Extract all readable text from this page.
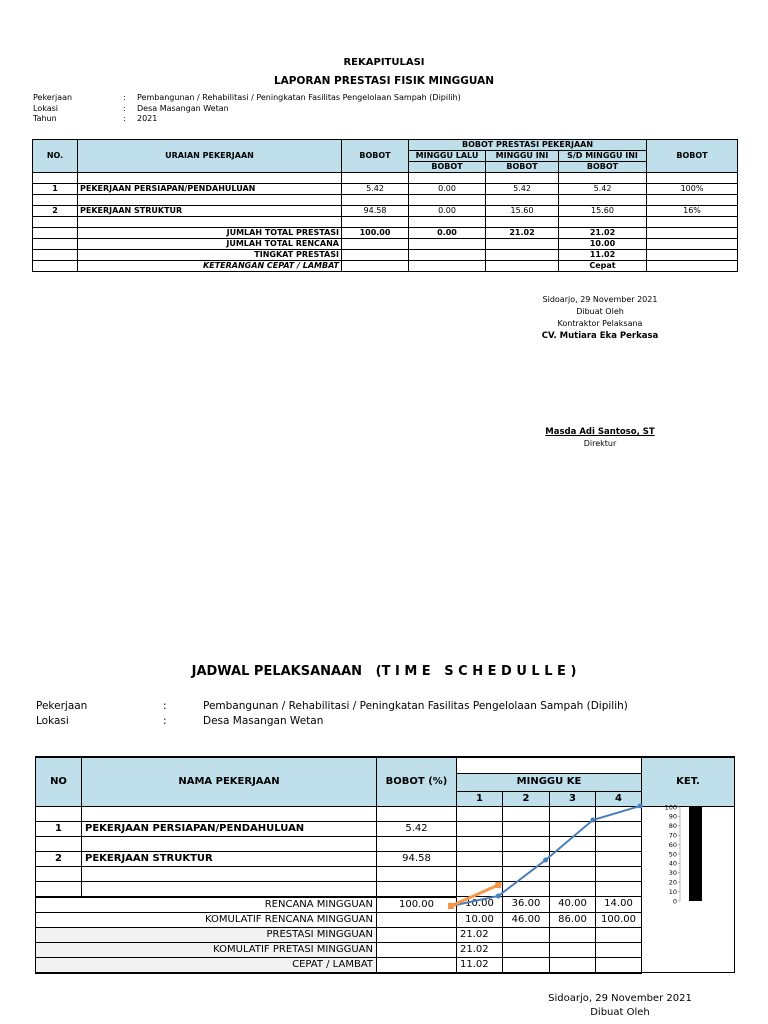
REKAPITULASI
LAPORAN PRESTASI FISIK MINGGUAN
Pekerjaan	:	Pembangunan / Rehabilitasi / Peningkatan Fasilitas Pengelolaan Sampah (Dipilih)
Lokasi	:	Desa Masangan Wetan
Tahun	:	2021
NO.	URAIAN PEKERJAAN	BOBOT	BOBOT PRESTASI PEKERJAAN			BOBOT
			MINGGU LALU	MINGGU INI	S/D MINGGU INI	
			BOBOT	BOBOT	BOBOT	

1	PEKERJAAN PERSIAPAN/PENDAHULUAN	5.42	0.00	5.42	5.42	100%

2	PEKERJAAN STRUKTUR	94.58	0.00	15.60	15.60	16%

	JUMLAH TOTAL PRESTASI	100.00	0.00	21.02	21.02	
	JUMLAH TOTAL RENCANA				10.00	
	TINGKAT PRESTASI				11.02	
	KETERANGAN CEPAT / LAMBAT				Cepat	
Sidoarjo, 29 November 2021
Dibuat Oleh
Kontraktor Pelaksana
CV. Mutiara Eka Perkasa
Masda Adi Santoso, ST
Direktur
JADWAL PELAKSANAAN   (T I M E   S C H E D U L L E )
Pekerjaan	:	Pembangunan / Rehabilitasi / Peningkatan Fasilitas Pengelolaan Sampah (Dipilih)
Lokasi	:	Desa Masangan Wetan
NO	NAMA PEKERJAAN	BOBOT (%)					KET.
			MINGGU KE				
			1	2	3	4	

1	PEKERJAAN PERSIAPAN/PENDAHULUAN	5.42					

2	PEKERJAAN STRUKTUR	94.58					

RENCANA MINGGUAN		100.00	10.00	36.00	40.00	14.00	
KOMULATIF RENCANA MINGGUAN			10.00	46.00	86.00	100.00	
PRESTASI MINGGUAN			21.02				
KOMULATIF PRETASI MINGGUAN			21.02				
CEPAT / LAMBAT			11.02				
0
10
20
30
40
50
60
70
80
90
100
Sidoarjo, 29 November 2021
Dibuat Oleh
